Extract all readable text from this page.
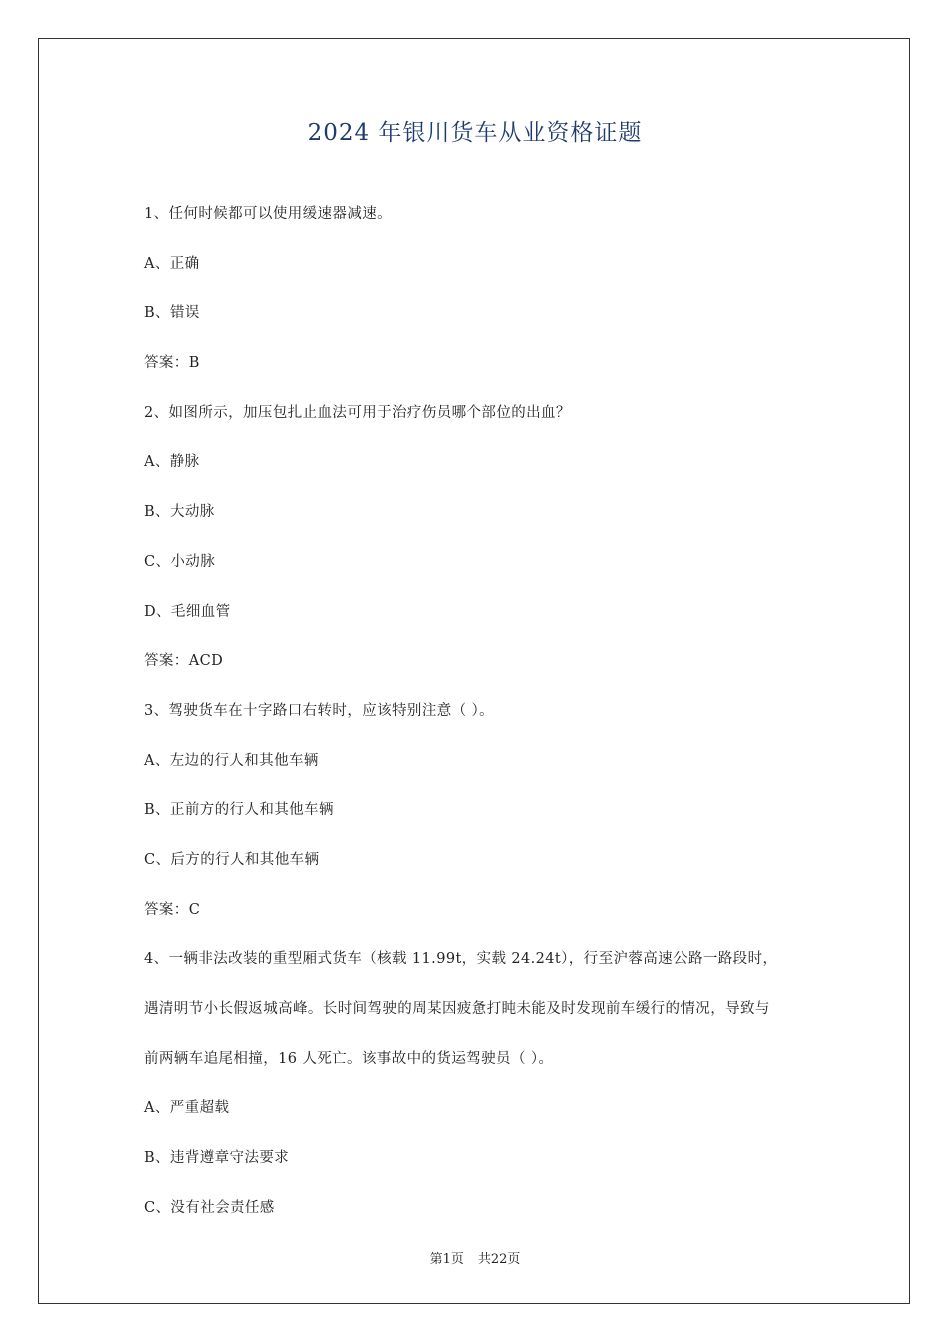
2024 年银川货车从业资格证题
1、任何时候都可以使用缓速器减速。
A、正确
B、错误
答案：B
2、如图所示，加压包扎止血法可用于治疗伤员哪个部位的出血？
A、静脉
B、大动脉
C、小动脉
D、毛细血管
答案：ACD
3、驾驶货车在十字路口右转时，应该特别注意（ ）。
A、左边的行人和其他车辆
B、正前方的行人和其他车辆
C、后方的行人和其他车辆
答案：C
4、一辆非法改装的重型厢式货车（核载 11.99t，实载 24.24t），行至沪蓉高速公路一路段时，
遇清明节小长假返城高峰。长时间驾驶的周某因疲惫打盹未能及时发现前车缓行的情况，导致与
前两辆车追尾相撞，16 人死亡。该事故中的货运驾驶员（ ）。
A、严重超载
B、违背遵章守法要求
C、没有社会责任感
第1页 共22页
